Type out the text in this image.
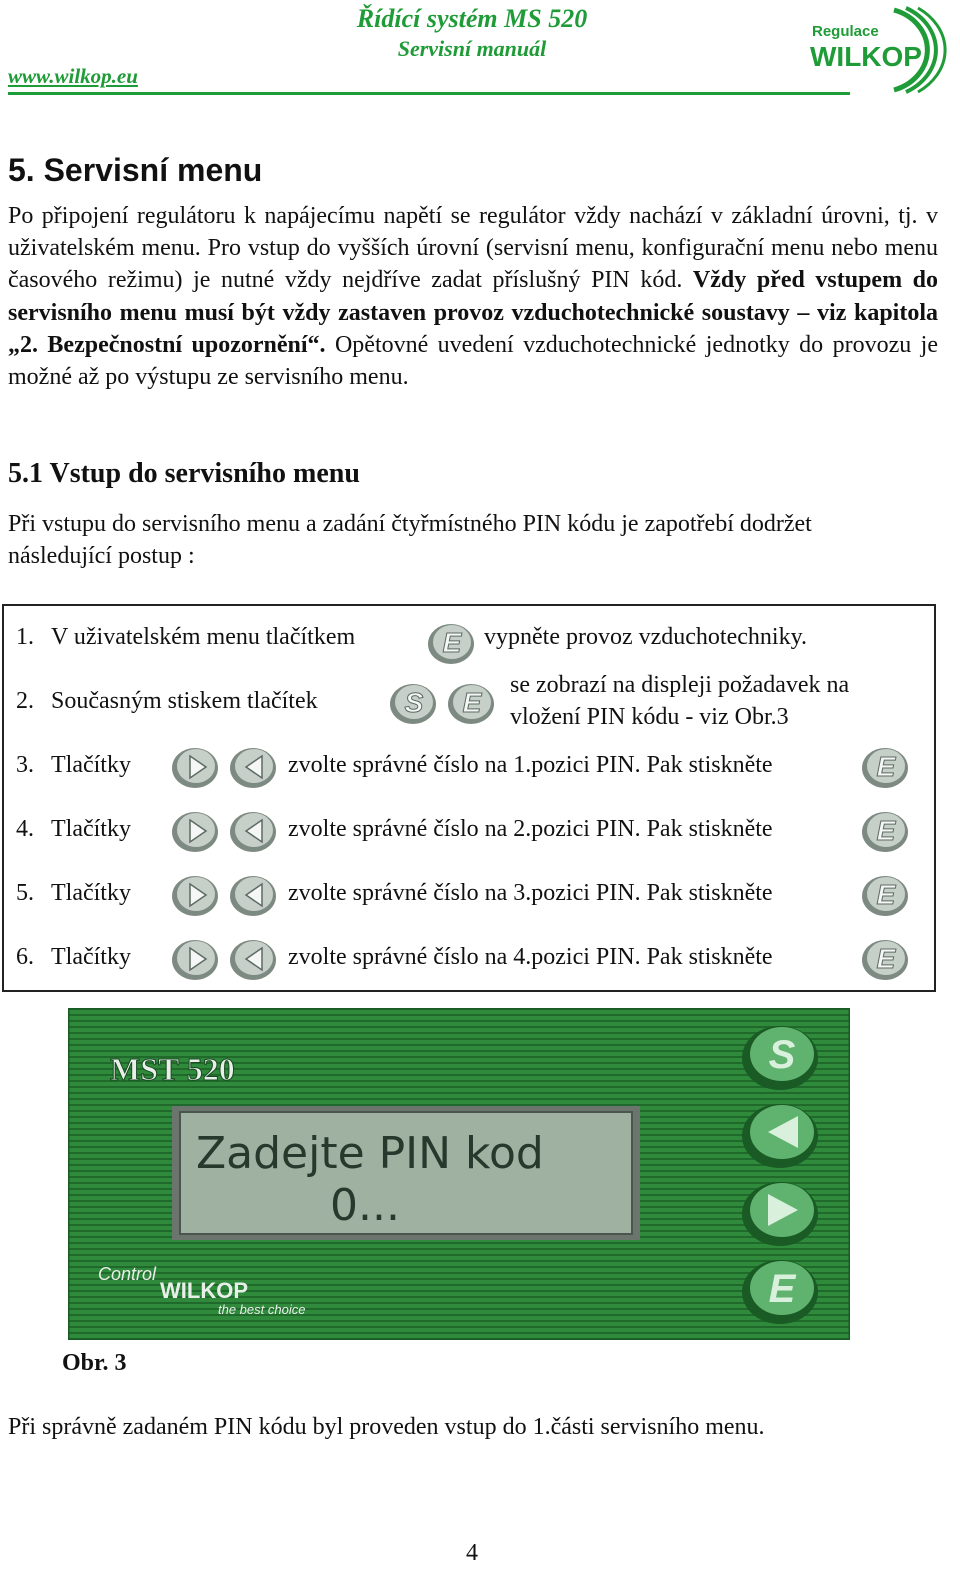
Řídící systém MS 520
Servisní manuál
www.wilkop.eu
Regulace
WILKOP
5. Servisní menu
Po připojení regulátoru k napájecímu napětí se regulátor vždy nachází v základní úrovni, tj. v uživatelském menu. Pro vstup do vyšších úrovní (servisní menu, konfigurační menu nebo menu časového režimu) je nutné vždy nejdříve zadat příslušný PIN kód. Vždy před vstupem do servisního menu musí být vždy zastaven provoz vzduchotechnické soustavy – viz kapitola „2. Bezpečnostní upozornění“. Opětovné uvedení vzduchotechnické jednotky do provozu je možné až po výstupu ze servisního menu.
5.1 Vstup do servisního menu
Při vstupu do servisního menu a zadání čtyřmístného PIN kódu je zapotřebí dodržet následující postup :
1. V uživatelském menu tlačítkem	E vypněte provoz vzduchotechniky.
2. Současným stiskem tlačítek	S E
se zobrazí na displeji požadavek na
vložení PIN kódu - viz Obr.3
3. Tlačítky	zvolte správné číslo na 1.pozici PIN. Pak stiskněte	E
4. Tlačítky	zvolte správné číslo na 2.pozici PIN. Pak stiskněte	E
5. Tlačítky	zvolte správné číslo na 3.pozici PIN. Pak stiskněte	E
6. Tlačítky	zvolte správné číslo na 4.pozici PIN. Pak stiskněte	E
MST 520
Zadejte PIN kod
0...
Control
WILKOP
the best choice
S
E
Obr. 3
Při správně zadaném PIN kódu byl proveden vstup do 1.části servisního menu.
4
